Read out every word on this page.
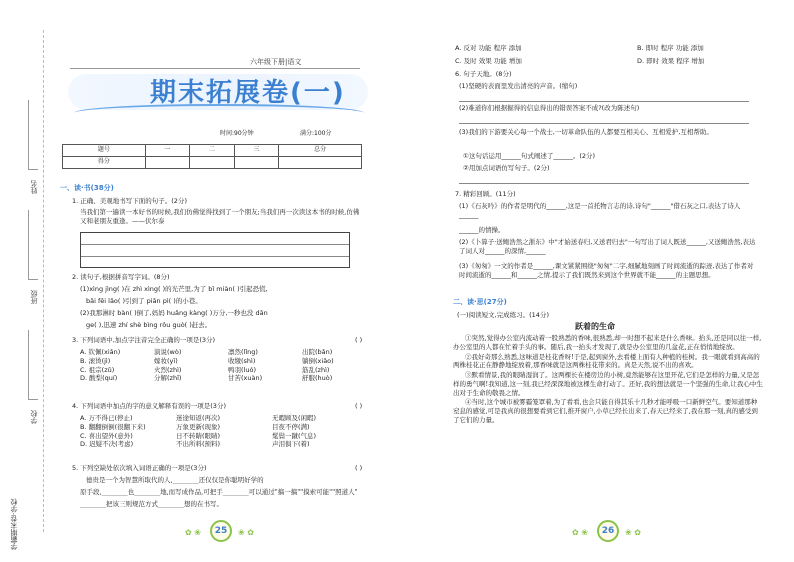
姓名
班级
学校
学霸期末卷·学校
六年级下册|语文
期末拓展卷(一)
时间:90分钟	满分:100分
题号	一	二	三	总分
得分				
一、读·书(38分)
1. 正确、美观地书写下面的句子。(2分)
当我们第一遍读一本好书的时候,我们仿佛觉得找到了一个朋友;当我们再一次读这本书的时候,仿佛又和老朋友重逢。——伏尔泰
2. 读句子,根据拼音写字词。(8分)
(1)xìng jìng( )在 zhì xìng( )的光芒里,为了 bǐ miàn( )引起恐慌,
bǎi fēi lǎo( )引到了 piān pì( )的小巷。
(2)我那淋时 bàn( )倒了,妈妈 huǎng kàng( )万分,一秒也没 dān
ge( ),迅速 zhí shè bìng rǒu guò( )赶去。
3. 下列词语中,加点字注音完全正确的一项是(3分)	( )
A. 钦佩(xiǎn)	演说(wò)	凛然(lǐng)	出院(bǎn)
B. 滚烫(jì)	嫁妆(yī)	收缴(shì)	躺倒(xiǎo)
C. 祖宗(zǔ)	火烈(zhì)	鸭羽(luó)	筋乱(zhì)
D. 酸梨(quí)	分解(zhǐ)	甘苦(xuàn)	舒服(huò)
4. 下列词语中加点的字的意义解释有误的一项是(3分)	( )
A. 万不得已(停止)	迷途知返(再次)	无暇顾及(闲暇)
B. 翻翻倒倒(很翻下来)	万象更新(现象)	目夜不停(满)
C. 喜出望外(意外)	日不转睛(眼睛)	髦鬓一蹴(气息)
D. 迟疑不决(考虑)	不出所料(预料)	声泪俱下(着)
5. 下列空缺处依次填入词语正确的一项是(3分)	( )
德贵是一个为智慧所取代的人,________还仅仅是你聪明好学的
原手段,________也________地,而写成作品,可把手________可以通过"搞一搞""摸索可能""照道人"
________把该三则规范方式________想的在书写。
✿ ❀	25	❀ ✿
A. 反对 功能 程序 添加	B. 即时 程序 功能 添加
C. 及时 效果 功能 增加	D. 即时 效果 程序 增加
6. 句子天地。(8分)
(1)坚硬的表面里发出清亮的声音。(缩句)
(2)难道你们根据掘得的信息得出的错误答案不成?(改为陈述句)
(3)我们的下游要关心每一个战士,一切革命队伍的人都要互相关心、互相爱护,互相帮助。
①这句话运用______句式阐述了______。(2分)
②用加点词语仿写句子。(2分)
7. 精彩回顾。(11分)
(1)《石灰吟》的作者是明代的______,这是一首托物言志的诗,诗句"______"借石灰之口,表达了诗人______
______的情操。
(2)《卜算子·送鲍浩然之浙东》中"才始送春归,又送君归去"一句写出了词人既送______,又送鲍浩然,表达了词人对______的深情,______
(3)《匆匆》一文的作者是______,课文紧紧围绕"匆匆"二字,细腻地刻画了时间流逝的踪迹,表达了作者对时间流逝的______和______之情,提示了我们既然来到这个世界就不能______的主题思想。
二、读·思(27分)
(一)阅读短文,完成练习。(14分)
跃着的生命

①突然,觉得办公室内流动着一股熟悉的香味,很熟悉,却一时想不起来是什么香味。抬头,还是同以往一样,办公室里的人都在忙着手头的事。随后,我一抬头才发现了,就是办公室里的几盆花,正在悄悄地绽放。

②我好奇那么熟悉,这味道是桂花香呀!于是,起到窗外,去看楼上面有人种植的桂树。我一眼就看到高高的两株桂花正在静静地绽放着,那香味就是这两株桂花带来的。真是天然,说不出的喜欢。

③默看情景,我的眼睛湿润了。这两棵长在楼房边的小树,竟然能够在这里开花,它们是怎样的力量,又是怎样的勇气啊!我知道,这一刻,我已经深深地被这棵生命打动了。还好,我的想法就是一个坚强的生命,让我心中生出对于生命的敬畏之情。

④当时,这个城市被雾霾笼罩着,为了看看,也会只能自得其乐十几秒才能呼吸一口新鲜空气。要知道那种窒息的感觉,可是我真的很想要看到它们,推开窗户,小草已经长出来了,春天已经来了,我在那一刻,真的感受到了它们的力量。

✿ ❀	26	❀ ✿
